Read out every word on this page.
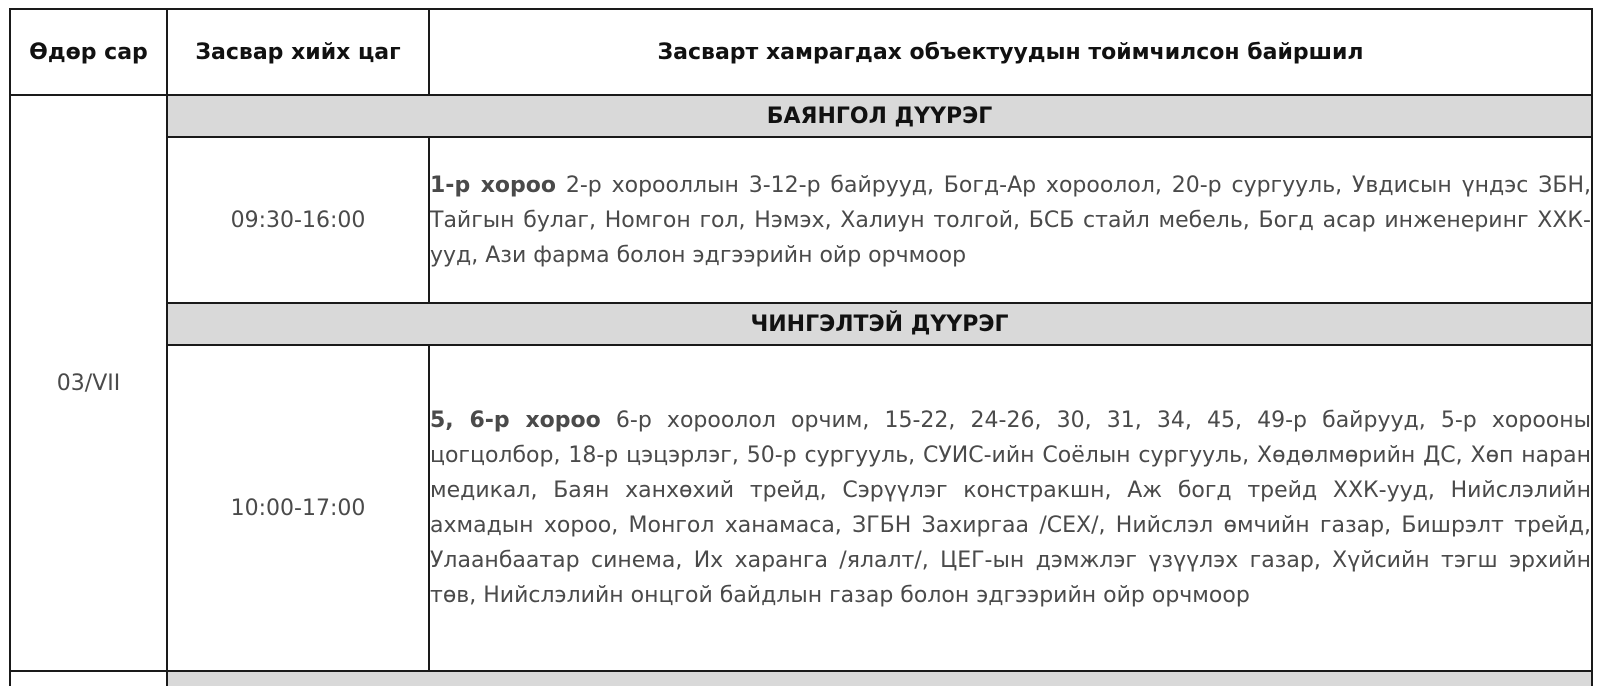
Өдөр сар	Засвар хийх цаг	Засварт хамрагдах объектуудын тоймчилсон байршил
03/VII	БАЯНГОЛ ДҮҮРЭГ	
	09:30-16:00	1-р хороо 2-р хорооллын 3-12-р байрууд, Богд-Ар хороолол, 20-р сургууль, Увдисын үндэс ЗБН, Тайгын булаг, Номгон гол, Нэмэх, Халиун толгой, БСБ стайл мебель, Богд асар инженеринг ХХК-ууд, Ази фарма болон эдгээрийн ойр орчмоор
	ЧИНГЭЛТЭЙ ДҮҮРЭГ	
	10:00-17:00	5, 6-р хороо 6-р хороолол орчим, 15-22, 24-26, 30, 31, 34, 45, 49-р байрууд, 5-р хорооны цогцолбор, 18-р цэцэрлэг, 50-р сургууль, СУИС-ийн Соёлын сургууль, Хөдөлмөрийн ДС, Хөп наран медикал, Баян ханхөхий трейд, Сэрүүлэг констракшн, Аж богд трейд ХХК-ууд, Нийслэлийн ахмадын хороо, Монгол ханамаса, ЗГБН Захиргаа /СЕХ/, Нийслэл өмчийн газар, Бишрэлт трейд, Улаанбаатар синема, Их харанга /ялалт/, ЦЕГ-ын дэмжлэг үзүүлэх газар, Хүйсийн тэгш эрхийн төв, Нийслэлийн онцгой байдлын газар болон эдгээрийн ойр орчмоор
